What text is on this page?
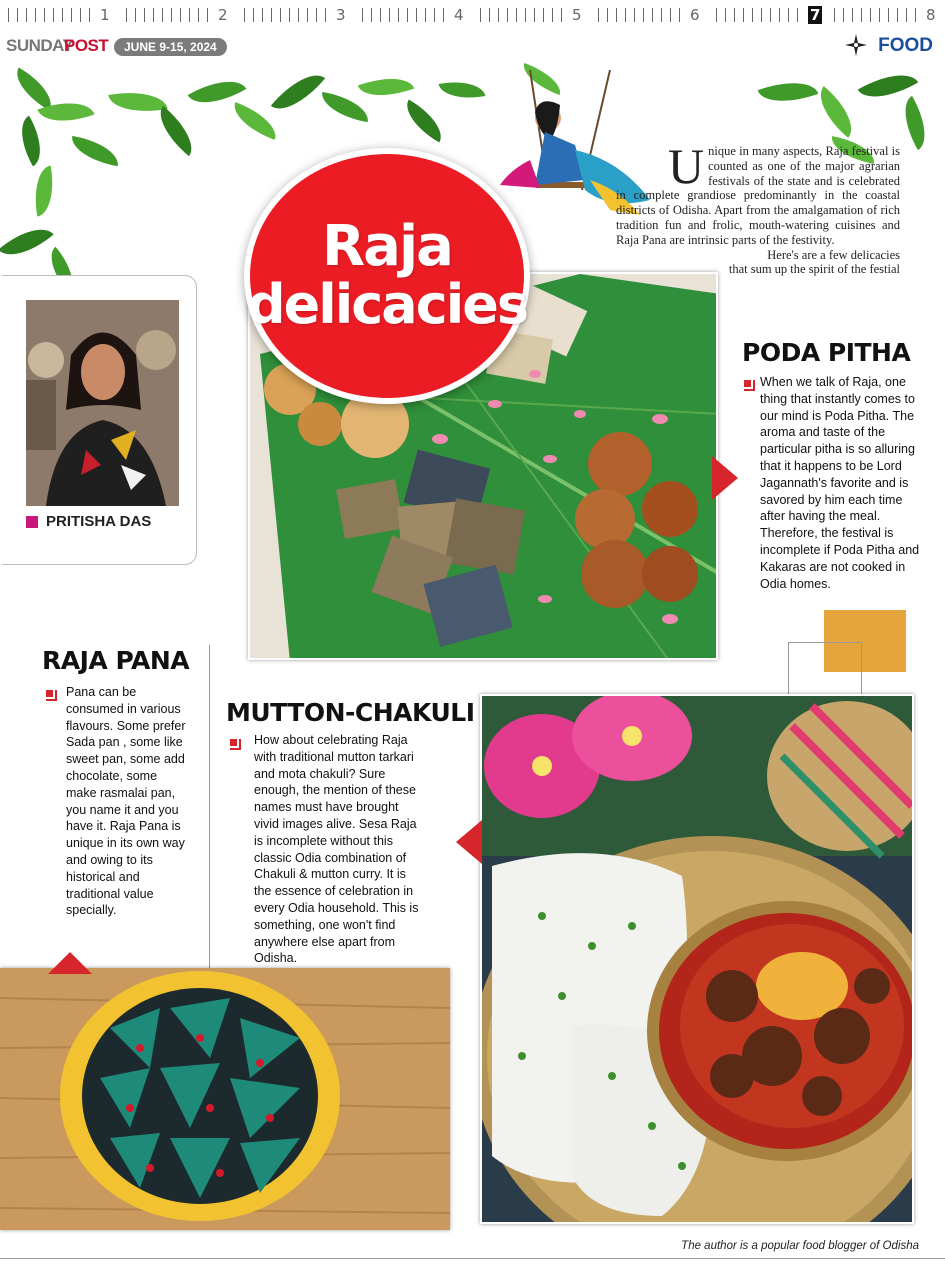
1	2	3	4	5	6	7	8
SUNDAY
POST	JUNE 9-15, 2024	FOOD
Raja
delicacies
U nique in many aspects, Raja festival is counted as one of the major agrarian festivals of the state and is celebrated in complete grandiose predominantly in the coastal districts of Odisha. Apart from the amalgamation of rich tradition fun and frolic, mouth-watering cuisines and Raja Pana are intrinsic parts of the festivity.

Here's are a few delicacies that sum up the spirit of the festial

PRITISHA DAS
PODA PITHA
When we talk of Raja, one thing that instantly comes to our mind is Poda Pitha. The aroma and taste of the particular pitha is so alluring that it happens to be Lord Jagannath's favorite and is savored by him each time after having the meal. Therefore, the festival is incomplete if Poda Pitha and Kakaras are not cooked in Odia homes.
RAJA PANA
Pana can be consumed in various flavours. Some prefer Sada pan , some like sweet pan, some add chocolate, some make rasmalai pan, you name it and you have it. Raja Pana is unique in its own way and owing to its historical and traditional value specially.
MUTTON-CHAKULI
How about celebrating Raja with traditional mutton tarkari and mota chakuli? Sure enough, the mention of these names must have brought vivid images alive. Sesa Raja is incomplete without this classic Odia combination of Chakuli & mutton curry. It is the essence of celebration in every Odia household. This is something, one won't find anywhere else apart from Odisha.
The author is a popular food blogger of Odisha
